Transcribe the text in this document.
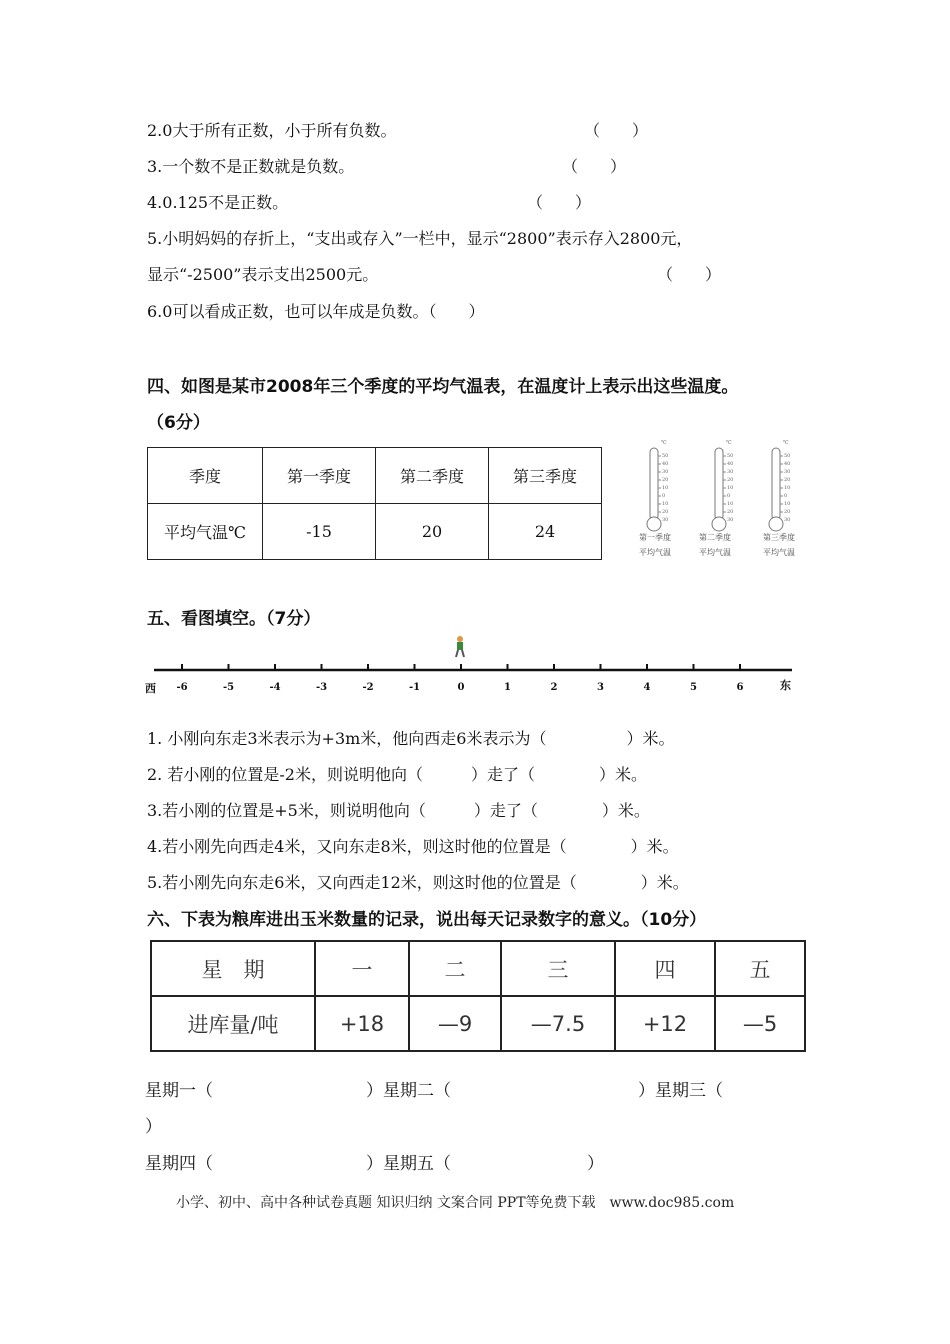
2.0大于所有正数，小于所有负数。	（　　）
3.一个数不是正数就是负数。	（　　）
4.0.125不是正数。	（　　）
5.小明妈妈的存折上，“支出或存入”一栏中，显示“2800”表示存入2800元，
显示“-2500”表示支出2500元。	（　　）
6.0可以看成正数，也可以年成是负数。（　　）
四、如图是某市2008年三个季度的平均气温表，在温度计上表示出这些温度。
（6分）
季度	第一季度	第二季度	第三季度
平均气温℃	-15	20	24
℃
50
40
30
20
10
0
10
20
30
℃
50
40
30
20
10
0
10
20
30
℃
50
40
30
20
10
0
10
20
30
第一季度
平均气温
第二季度
平均气温
第三季度
平均气温
五、看图填空。（7分）
西	东
-6	-5	-4	-3	-2	-1	0	1	2	3	4	5	6
1. 小刚向东走3米表示为+3m米，他向西走6米表示为（　　　　　）米。
2. 若小刚的位置是-2米，则说明他向（　　　）走了（　　　　）米。
3.若小刚的位置是+5米，则说明他向（　　　）走了（　　　　）米。
4.若小刚先向西走4米，又向东走8米，则这时他的位置是（　　　　）米。
5.若小刚先向东走6米，又向西走12米，则这时他的位置是（　　　　）米。
六、下表为粮库进出玉米数量的记录，说出每天记录数字的意义。（10分）
星　期	一	二	三	四	五
进库量/吨	+18	—9	—7.5	+12	—5
星期一（　　　　　　　　　）星期二（　　　　　　　　　　　）星期三（
）
星期四（　　　　　　　　　）星期五（　　　　　　　　）
小学、初中、高中各种试卷真题 知识归纳 文案合同 PPT等免费下载　www.doc985.com
